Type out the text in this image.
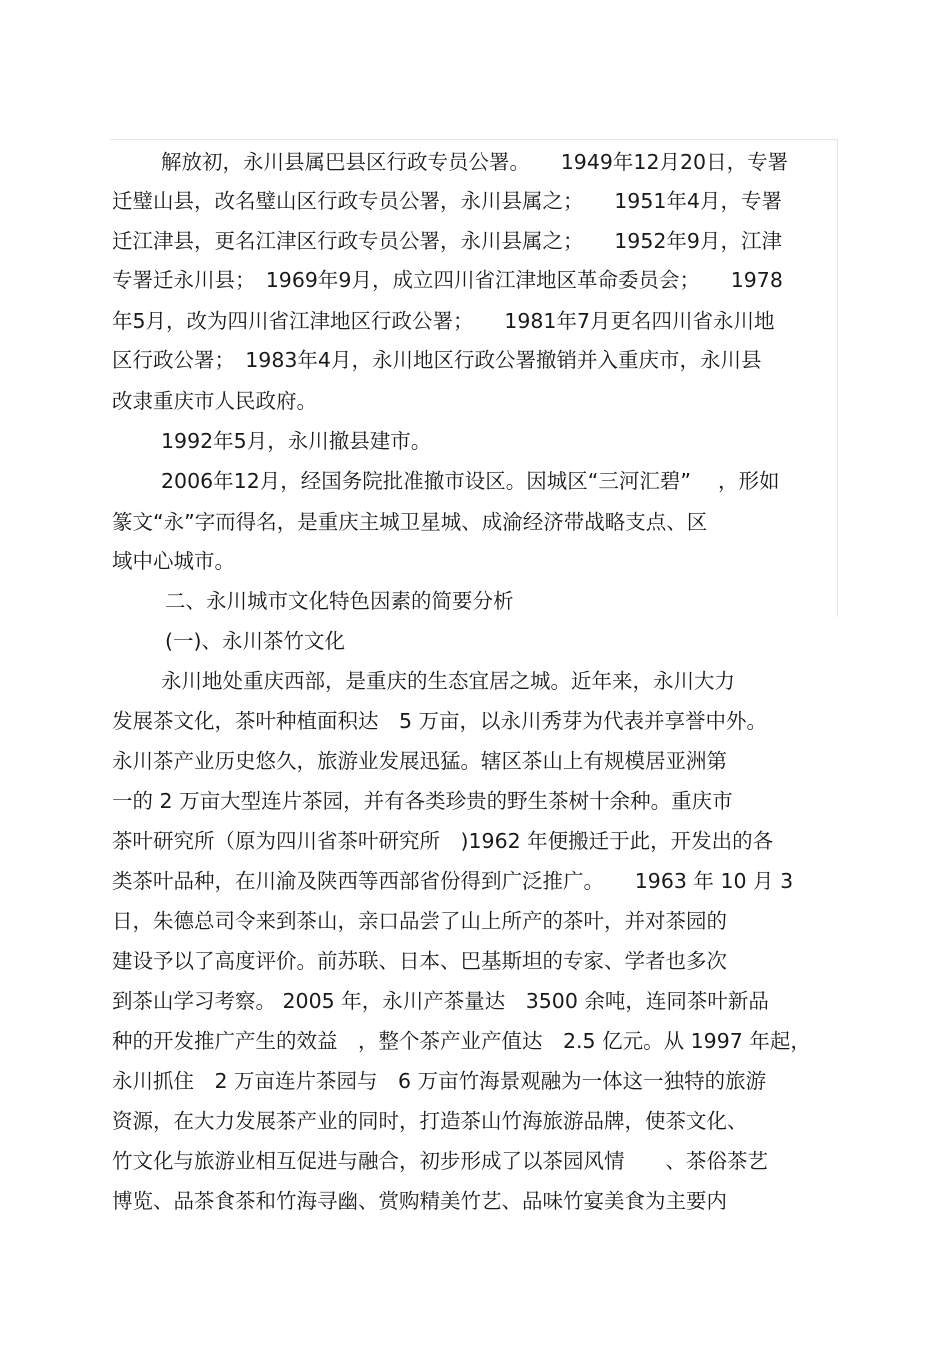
解放初，永川县属巴县区行政专员公署。　　1949年12月20日，专署
迁璧山县，改名璧山区行政专员公署，永川县属之；　　1951年4月，专署
迁江津县，更名江津区行政专员公署，永川县属之；　　1952年9月，江津
专署迁永川县；　1969年9月，成立四川省江津地区革命委员会；　　1978
年5月，改为四川省江津地区行政公署；　　1981年7月更名四川省永川地
区行政公署；　1983年4月，永川地区行政公署撤销并入重庆市，永川县
改隶重庆市人民政府。
1992年5月，永川撤县建市。
2006年12月，经国务院批准撤市设区。因城区“三河汇碧”　 ，形如
篆文“永”字而得名，是重庆主城卫星城、成渝经济带战略支点、区
域中心城市。
二、永川城市文化特色因素的简要分析
(一)、永川茶竹文化
永川地处重庆西部，是重庆的生态宜居之城。近年来，永川大力
发展茶文化，茶叶种植面积达　5 万亩，以永川秀芽为代表并享誉中外。
永川茶产业历史悠久，旅游业发展迅猛。辖区茶山上有规模居亚洲第
一的 2 万亩大型连片茶园，并有各类珍贵的野生茶树十余种。重庆市
茶叶研究所（原为四川省茶叶研究所　)1962 年便搬迁于此，开发出的各
类茶叶品种，在川渝及陕西等西部省份得到广泛推广。　　1963 年 10 月 3
日，朱德总司令来到茶山，亲口品尝了山上所产的茶叶，并对茶园的
建设予以了高度评价。前苏联、日本、巴基斯坦的专家、学者也多次
到茶山学习考察。 2005 年，永川产茶量达　3500 余吨，连同茶叶新品
种的开发推广产生的效益　，整个茶产业产值达　2.5 亿元。从 1997 年起，
永川抓住　2 万亩连片茶园与　6 万亩竹海景观融为一体这一独特的旅游
资源，在大力发展茶产业的同时，打造茶山竹海旅游品牌，使茶文化、
竹文化与旅游业相互促进与融合，初步形成了以茶园风情　　、茶俗茶艺
博览、品茶食茶和竹海寻幽、赏购精美竹艺、品味竹宴美食为主要内
